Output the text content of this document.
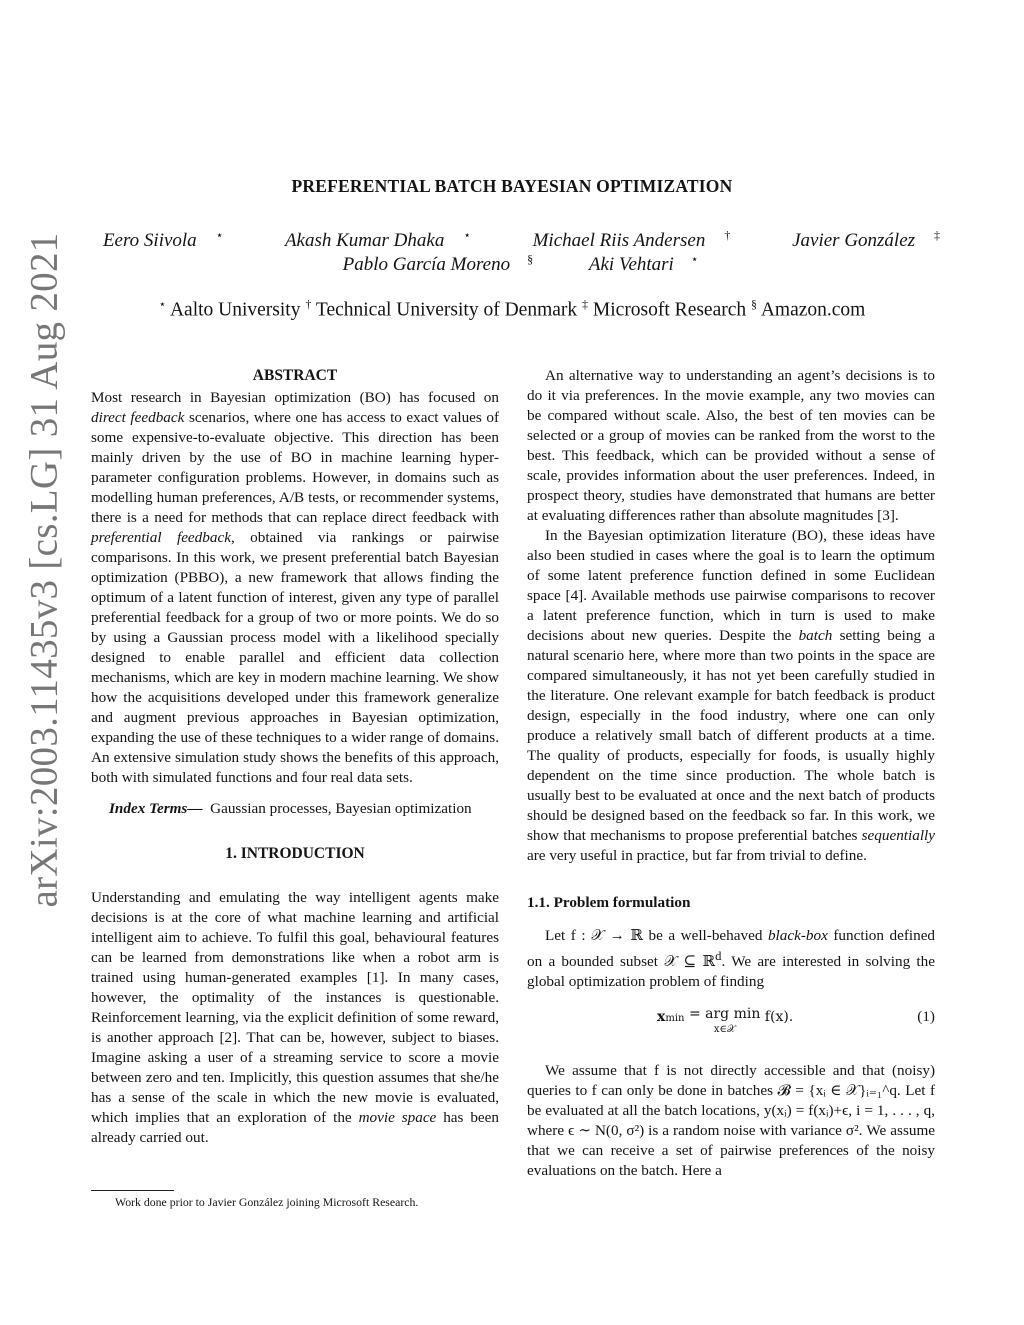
PREFERENTIAL BATCH BAYESIAN OPTIMIZATION
Eero Siivola ⋆	Akash Kumar Dhaka ⋆	Michael Riis Andersen †	Javier González ‡
Pablo García Moreno §	Aki Vehtari ⋆
⋆ Aalto University † Technical University of Denmark ‡ Microsoft Research § Amazon.com
arXiv:2003.11435v3 [cs.LG] 31 Aug 2021	ABSTRACT

Most research in Bayesian optimization (BO) has focused on direct feedback scenarios, where one has access to exact values of some expensive-to-evaluate objective. This direction has been mainly driven by the use of BO in machine learning hyper-parameter configuration problems. However, in domains such as modelling human preferences, A/B tests, or recommender systems, there is a need for methods that can replace direct feedback with preferential feedback, obtained via rankings or pairwise comparisons. In this work, we present preferential batch Bayesian optimization (PBBO), a new framework that allows finding the optimum of a latent function of interest, given any type of parallel preferential feedback for a group of two or more points. We do so by using a Gaussian process model with a likelihood specially designed to enable parallel and efficient data collection mechanisms, which are key in modern machine learning. We show how the acquisitions developed under this framework generalize and augment previous approaches in Bayesian optimization, expanding the use of these techniques to a wider range of domains. An extensive simulation study shows the benefits of this approach, both with simulated functions and four real data sets.

Index Terms— Gaussian processes, Bayesian optimization

1. INTRODUCTION

Understanding and emulating the way intelligent agents make decisions is at the core of what machine learning and artificial intelligent aim to achieve. To fulfil this goal, behavioural features can be learned from demonstrations like when a robot arm is trained using human-generated examples [1]. In many cases, however, the optimality of the instances is questionable. Reinforcement learning, via the explicit definition of some reward, is another approach [2]. That can be, however, subject to biases. Imagine asking a user of a streaming service to score a movie between zero and ten. Implicitly, this question assumes that she/he has a sense of the scale in which the new movie is evaluated, which implies that an exploration of the movie space has been already carried out.

Work done prior to Javier González joining Microsoft Research.

An alternative way to understanding an agent’s decisions is to do it via preferences. In the movie example, any two movies can be compared without scale. Also, the best of ten movies can be selected or a group of movies can be ranked from the worst to the best. This feedback, which can be provided without a sense of scale, provides information about the user preferences. Indeed, in prospect theory, studies have demonstrated that humans are better at evaluating differences rather than absolute magnitudes [3].

In the Bayesian optimization literature (BO), these ideas have also been studied in cases where the goal is to learn the optimum of some latent preference function defined in some Euclidean space [4]. Available methods use pairwise comparisons to recover a latent preference function, which in turn is used to make decisions about new queries. Despite the batch setting being a natural scenario here, where more than two points in the space are compared simultaneously, it has not yet been carefully studied in the literature. One relevant example for batch feedback is product design, especially in the food industry, where one can only produce a relatively small batch of different products at a time. The quality of products, especially for foods, is usually highly dependent on the time since production. The whole batch is usually best to be evaluated at once and the next batch of products should be designed based on the feedback so far. In this work, we show that mechanisms to propose preferential batches sequentially are very useful in practice, but far from trivial to define.

1.1. Problem formulation

Let f : 𝒳 → ℝ be a well-behaved black-box function defined on a bounded subset 𝒳 ⊆ ℝ$^d$. We are interested in solving the global optimization problem of finding

xmin = arg min
x∈𝒳 f(x).	(1)

We assume that f is not directly accessible and that (noisy) queries to f can only be done in batches 𝓑 = {xᵢ ∈ 𝒳}ᵢ₌₁^q. Let f be evaluated at all the batch locations, y(xᵢ) = f(xᵢ)+ϵ, i = 1, . . . , q, where ϵ ∼ N(0, σ²) is a random noise with variance σ². We assume that we can receive a set of pairwise preferences of the noisy evaluations on the batch. Here a
